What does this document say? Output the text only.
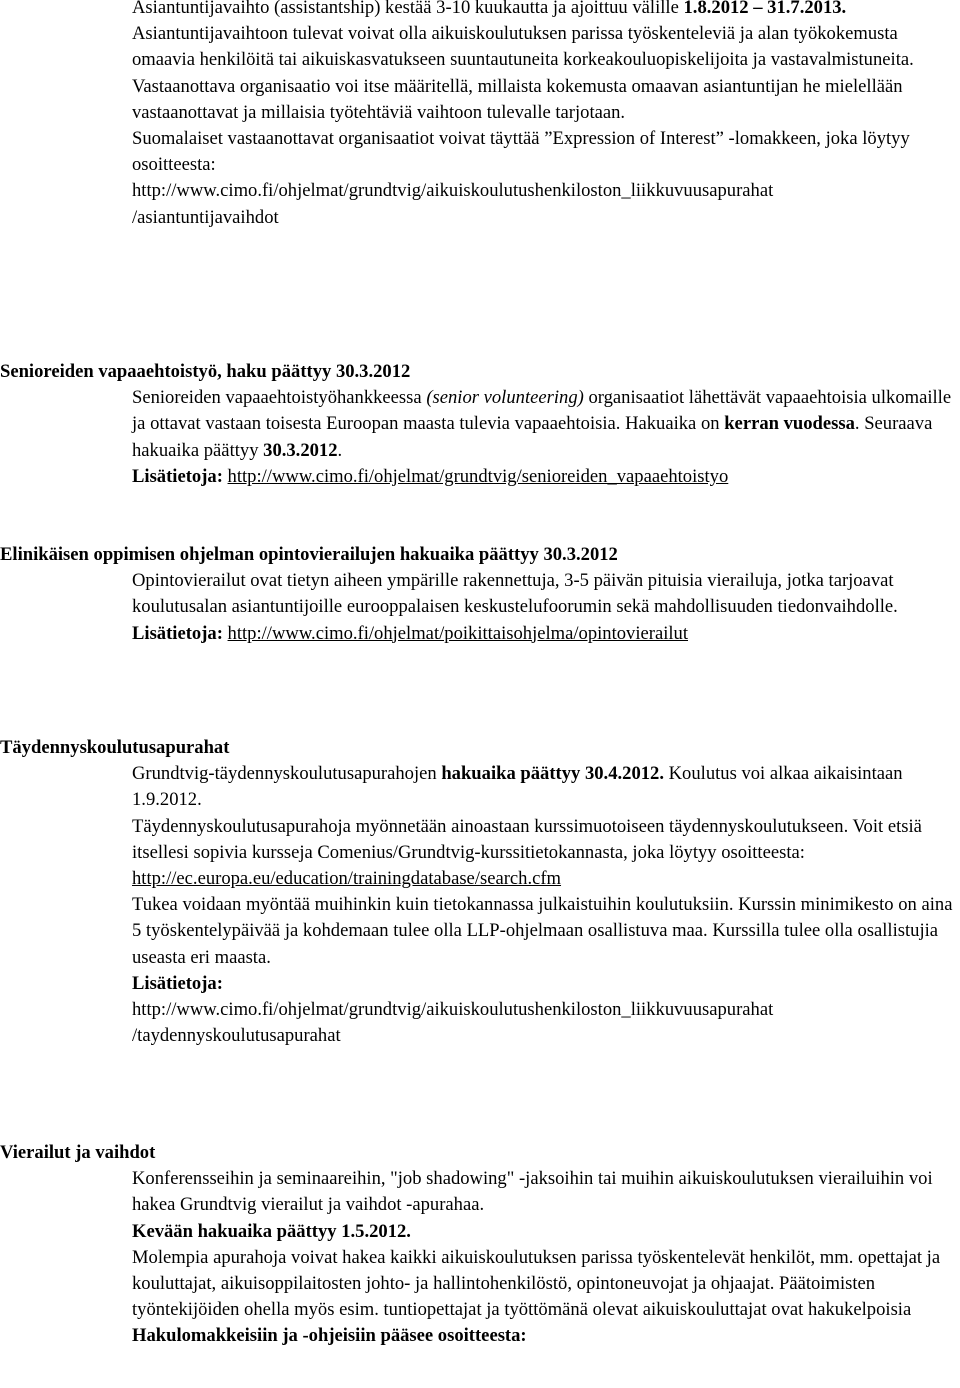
Asiantuntijavaihto (assistantship) kestää 3-10 kuukautta ja ajoittuu välille 1.8.2012 – 31.7.2013.

Asiantuntijavaihtoon tulevat voivat olla aikuiskoulutuksen parissa työskenteleviä ja alan työkokemusta omaavia henkilöitä tai aikuiskasvatukseen suuntautuneita korkeakouluopiskelijoita ja vastavalmistuneita. Vastaanottava organisaatio voi itse määritellä, millaista kokemusta omaavan asiantuntijan he mielellään vastaanottavat ja millaisia työtehtäviä vaihtoon tulevalle tarjotaan.

Suomalaiset vastaanottavat organisaatiot voivat täyttää ”Expression of Interest” -lomakkeen, joka löytyy osoitteesta:

http://www.cimo.fi/ohjelmat/grundtvig/aikuiskoulutushenkiloston_liikkuvuusapurahat
/asiantuntijavaihdot

Senioreiden vapaaehtoistyö, haku päättyy 30.3.2012

Senioreiden vapaaehtoistyöhankkeessa (senior volunteering) organisaatiot lähettävät vapaaehtoisia ulkomaille ja ottavat vastaan toisesta Euroopan maasta tulevia vapaaehtoisia. Hakuaika on kerran vuodessa. Seuraava hakuaika päättyy 30.3.2012.

Lisätietoja: http://www.cimo.fi/ohjelmat/grundtvig/senioreiden_vapaaehtoistyo

Elinikäisen oppimisen ohjelman opintovierailujen hakuaika päättyy 30.3.2012

Opintovierailut ovat tietyn aiheen ympärille rakennettuja, 3-5 päivän pituisia vierailuja, jotka tarjoavat koulutusalan asiantuntijoille eurooppalaisen keskustelufoorumin sekä mahdollisuuden tiedonvaihdolle.

Lisätietoja: http://www.cimo.fi/ohjelmat/poikittaisohjelma/opintovierailut

Täydennyskoulutusapurahat

Grundtvig-täydennyskoulutusapurahojen hakuaika päättyy 30.4.2012. Koulutus voi alkaa aikaisintaan 1.9.2012.

Täydennyskoulutusapurahoja myönnetään ainoastaan kurssimuotoiseen täydennyskoulutukseen. Voit etsiä itsellesi sopivia kursseja Comenius/Grundtvig-kurssitietokannasta, joka löytyy osoitteesta:

http://ec.europa.eu/education/trainingdatabase/search.cfm

Tukea voidaan myöntää muihinkin kuin tietokannassa julkaistuihin koulutuksiin. Kurssin minimikesto on aina 5 työskentelypäivää ja kohdemaan tulee olla LLP-ohjelmaan osallistuva maa. Kurssilla tulee olla osallistujia useasta eri maasta.

Lisätietoja:

http://www.cimo.fi/ohjelmat/grundtvig/aikuiskoulutushenkiloston_liikkuvuusapurahat
/taydennyskoulutusapurahat

Vierailut ja vaihdot

Konferensseihin ja seminaareihin, "job shadowing" -jaksoihin tai muihin aikuiskoulutuksen vierailuihin voi hakea Grundtvig vierailut ja vaihdot -apurahaa.

Kevään hakuaika päättyy 1.5.2012.

Molempia apurahoja voivat hakea kaikki aikuiskoulutuksen parissa työskentelevät henkilöt, mm. opettajat ja kouluttajat, aikuisoppilaitosten johto- ja hallintohenkilöstö, opintoneuvojat ja ohjaajat. Päätoimisten työntekijöiden ohella myös esim. tuntiopettajat ja työttömänä olevat aikuiskouluttajat ovat hakukelpoisia

Hakulomakkeisiin ja -ohjeisiin pääsee osoitteesta:
